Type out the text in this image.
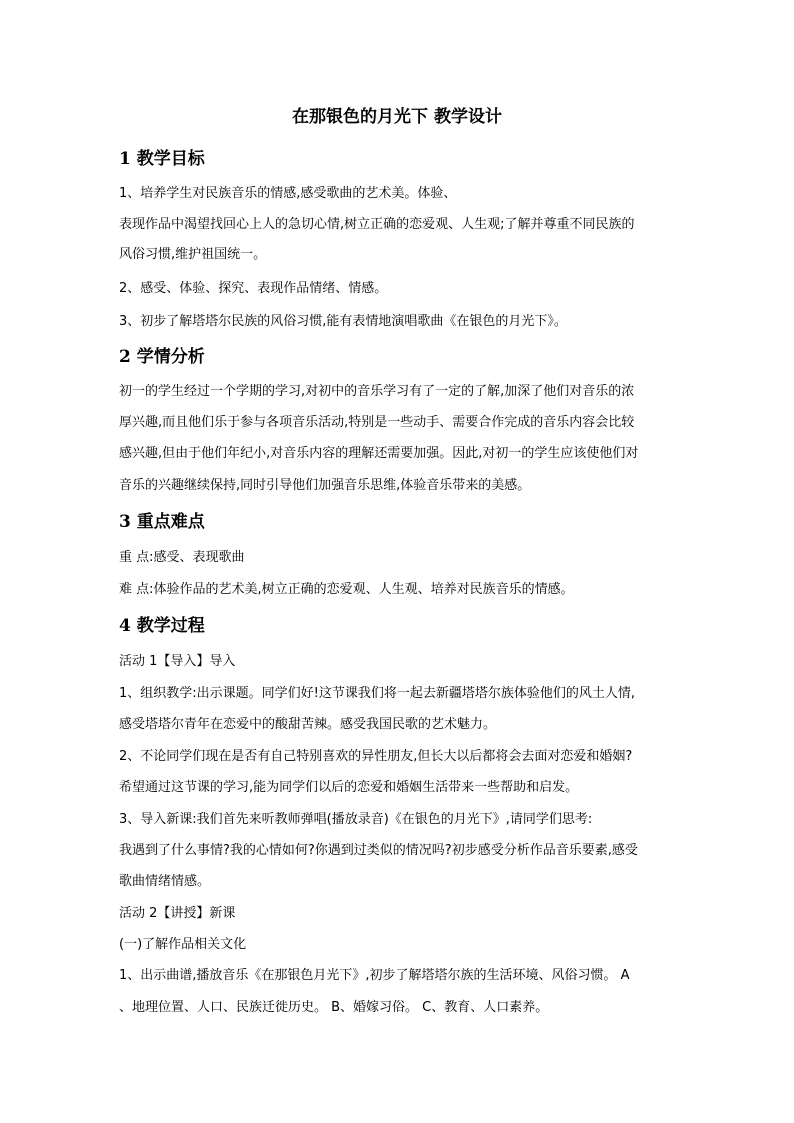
在那银色的月光下 教学设计
1 教学目标
1、培养学生对民族音乐的情感,感受歌曲的艺术美。体验、
表现作品中渴望找回心上人的急切心情,树立正确的恋爱观、人生观;了解并尊重不同民族的
风俗习惯,维护祖国统一。
2、感受、体验、探究、表现作品情绪、情感。
3、初步了解塔塔尔民族的风俗习惯,能有表情地演唱歌曲《在银色的月光下》。
2 学情分析
初一的学生经过一个学期的学习,对初中的音乐学习有了一定的了解,加深了他们对音乐的浓
厚兴趣,而且他们乐于参与各项音乐活动,特别是一些动手、需要合作完成的音乐内容会比较
感兴趣,但由于他们年纪小,对音乐内容的理解还需要加强。因此,对初一的学生应该使他们对
音乐的兴趣继续保持,同时引导他们加强音乐思维,体验音乐带来的美感。
3 重点难点
重 点:感受、表现歌曲
难 点:体验作品的艺术美,树立正确的恋爱观、人生观、培养对民族音乐的情感。
4 教学过程
活动 1【导入】导入
1、组织教学:出示课题。同学们好!这节课我们将一起去新疆塔塔尔族体验他们的风土人情,
感受塔塔尔青年在恋爱中的酸甜苦辣。感受我国民歌的艺术魅力。
2、不论同学们现在是否有自己特别喜欢的异性朋友,但长大以后都将会去面对恋爱和婚姻?
希望通过这节课的学习,能为同学们以后的恋爱和婚姻生活带来一些帮助和启发。
3、导入新课:我们首先来听教师弹唱(播放录音)《在银色的月光下》,请同学们思考:
我遇到了什么事情?我的心情如何?你遇到过类似的情况吗?初步感受分析作品音乐要素,感受
歌曲情绪情感。
活动 2【讲授】新课
(一)了解作品相关文化
1、出示曲谱,播放音乐《在那银色月光下》,初步了解塔塔尔族的生活环境、风俗习惯。 A
、地理位置、人口、民族迁徙历史。 B、婚嫁习俗。 C、教育、人口素养。
